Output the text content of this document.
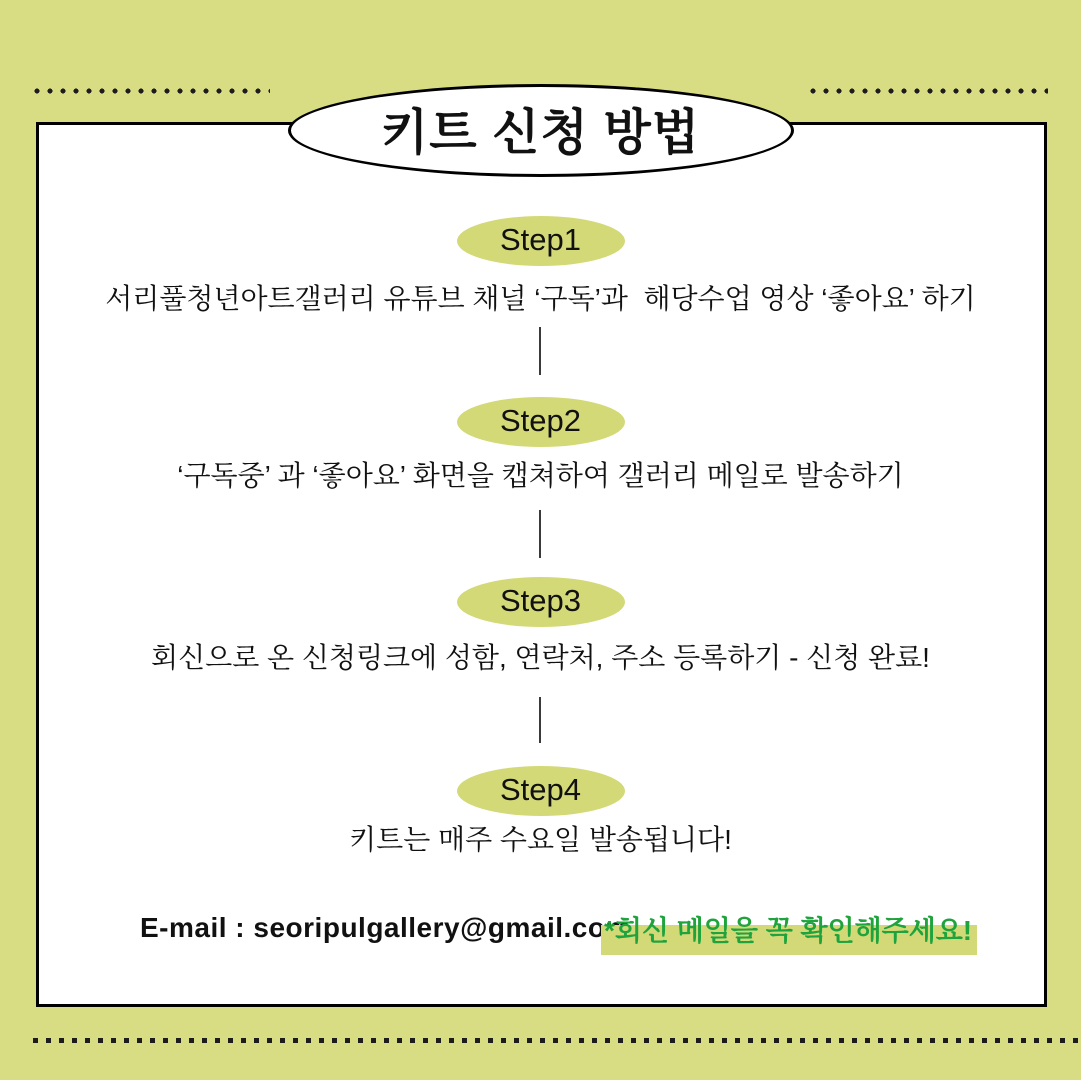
키트 신청 방법
Step1
서리풀청년아트갤러리 유튜브 채널 ‘구독’과  해당수업 영상 ‘좋아요’ 하기
Step2
‘구독중’ 과 ‘좋아요’ 화면을 캡쳐하여 갤러리 메일로 발송하기
Step3
회신으로 온 신청링크에 성함, 연락처, 주소 등록하기 - 신청 완료!
Step4
키트는 매주 수요일 발송됩니다!
E-mail : seoripulgallery@gmail.com
*회신 메일을 꼭 확인해주세요!
